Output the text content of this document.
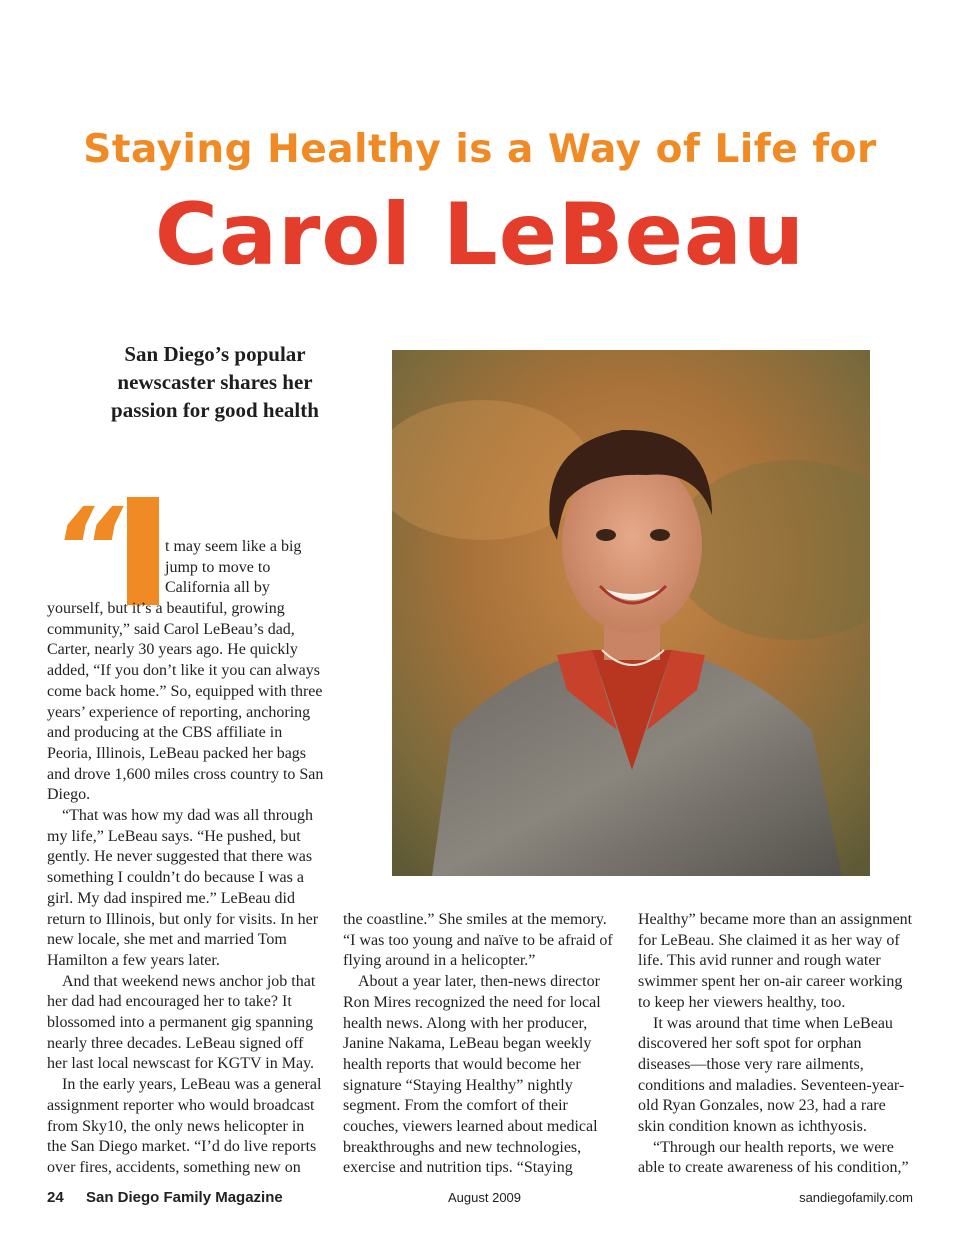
Staying Healthy is a Way of Life for
Carol LeBeau
San Diego’s popular newscaster shares her passion for good health
“	t may seem like a big jump to move to California all by

yourself, but it’s a beautiful, growing community,” said Carol LeBeau’s dad, Carter, nearly 30 years ago. He quickly added, “If you don’t like it you can always come back home.” So, equipped with three years’ experience of reporting, anchoring and producing at the CBS affiliate in Peoria, Illinois, LeBeau packed her bags and drove 1,600 miles cross country to San Diego.

“That was how my dad was all through my life,” LeBeau says. “He pushed, but gently. He never suggested that there was something I couldn’t do because I was a girl. My dad inspired me.” LeBeau did return to Illinois, but only for visits. In her new locale, she met and married Tom Hamilton a few years later.

And that weekend news anchor job that her dad had encouraged her to take? It blossomed into a permanent gig spanning nearly three decades. LeBeau signed off her last local newscast for KGTV in May.

In the early years, LeBeau was a general assignment reporter who would broadcast from Sky10, the only news helicopter in the San Diego market. “I’d do live reports over fires, accidents, something new on

the coastline.” She smiles at the memory. “I was too young and naïve to be afraid of flying around in a helicopter.”

About a year later, then-news director Ron Mires recognized the need for local health news. Along with her producer, Janine Nakama, LeBeau began weekly health reports that would become her signature “Staying Healthy” nightly segment. From the comfort of their couches, viewers learned about medical breakthroughs and new technologies, exercise and nutrition tips. “Staying

Healthy” became more than an assignment for LeBeau. She claimed it as her way of life. This avid runner and rough water swimmer spent her on-air career working to keep her viewers healthy, too.

It was around that time when LeBeau discovered her soft spot for orphan diseases—those very rare ailments, conditions and maladies. Seventeen-year-old Ryan Gonzales, now 23, had a rare skin condition known as ichthyosis.

“Through our health reports, we were able to create awareness of his condition,”

24 San Diego Family Magazine	August 2009	sandiegofamily.com
